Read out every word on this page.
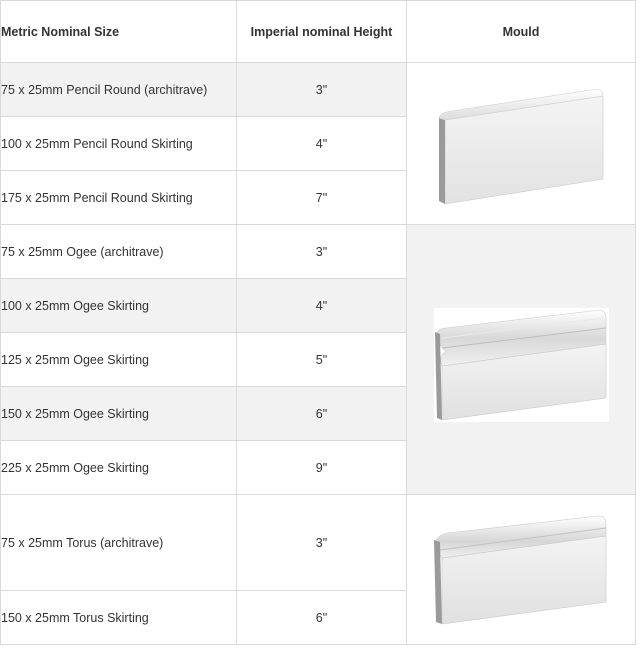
Metric Nominal Size	Imperial nominal Height	Mould
75 x 25mm Pencil Round (architrave)	3"	

100 x 25mm Pencil Round Skirting	4"	
175 x 25mm Pencil Round Skirting	7"	
75 x 25mm Ogee (architrave)	3"	

100 x 25mm Ogee Skirting	4"	
125 x 25mm Ogee Skirting	5"	
150 x 25mm Ogee Skirting	6"	
225 x 25mm Ogee Skirting	9"	
75 x 25mm Torus (architrave)	3"	

150 x 25mm Torus Skirting	6"	
